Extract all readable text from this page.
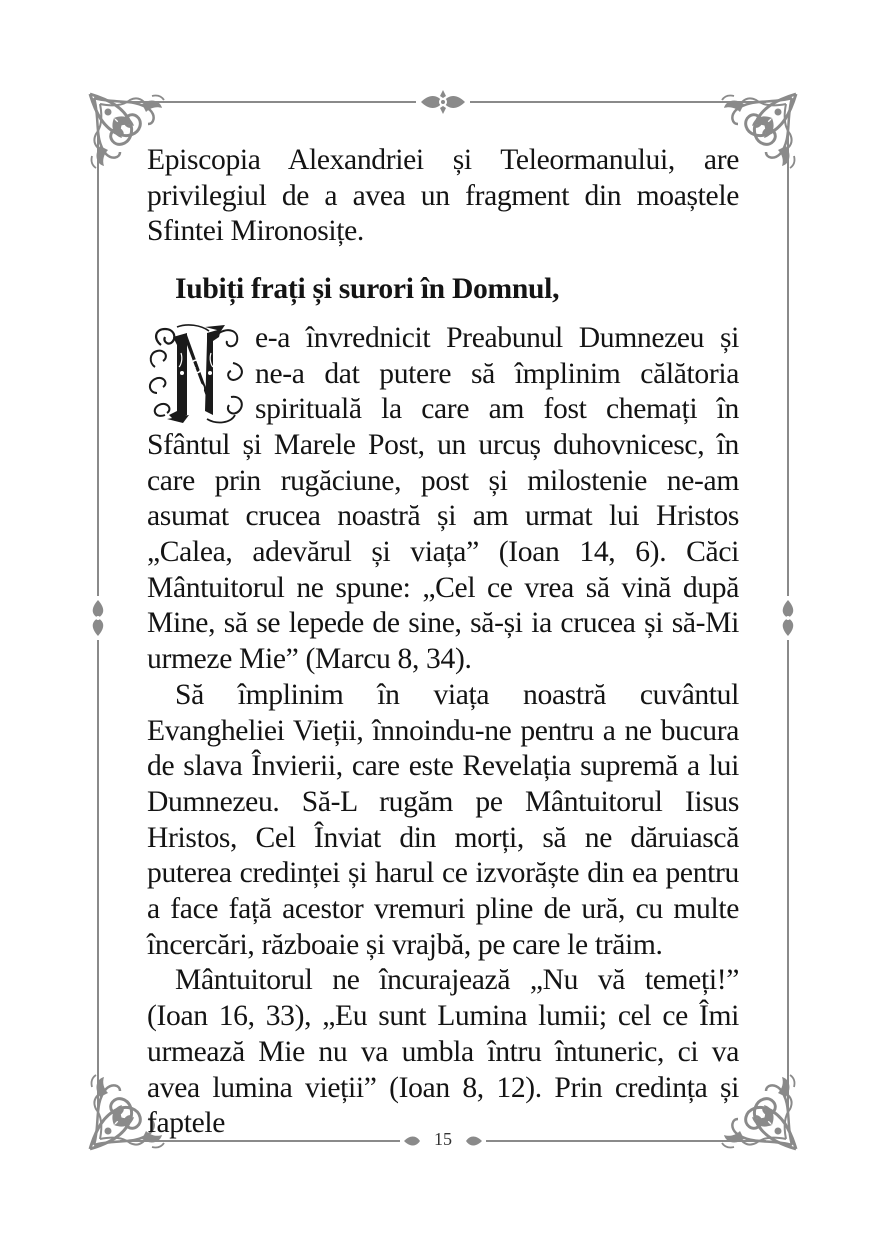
Episcopia Alexandriei și Teleormanului, are privilegiul de a avea un fragment din moaștele Sfintei Mironosițe.

Iubiți frați și surori în Domnul,

e-a învrednicit Preabunul Dumnezeu și ne-a dat putere să împlinim călătoria spirituală la care am fost chemați în Sfântul și Marele Post, un urcuș duhovnicesc, în care prin rugăciune, post și milostenie ne-am asumat crucea noastră și am urmat lui Hristos „Calea, adevărul și viața” (Ioan 14, 6). Căci Mântuitorul ne spune: „Cel ce vrea să vină după Mine, să se lepede de sine, să-și ia crucea și să-Mi urmeze Mie” (Marcu 8, 34).

Să împlinim în viața noastră cuvântul Evangheliei Vieții, înnoindu-ne pentru a ne bucura de slava Învierii, care este Revelația supremă a lui Dumnezeu. Să-L rugăm pe Mântuitorul Iisus Hristos, Cel Înviat din morți, să ne dăruiască puterea credinței și harul ce izvorăște din ea pentru a face față acestor vremuri pline de ură, cu multe încercări, războaie și vrajbă, pe care le trăim.

Mântuitorul ne încurajează „Nu vă temeți!” (Ioan 16, 33), „Eu sunt Lumina lumii; cel ce Îmi urmează Mie nu va umbla întru întuneric, ci va avea lumina vieții” (Ioan 8, 12). Prin credința și faptele	15
